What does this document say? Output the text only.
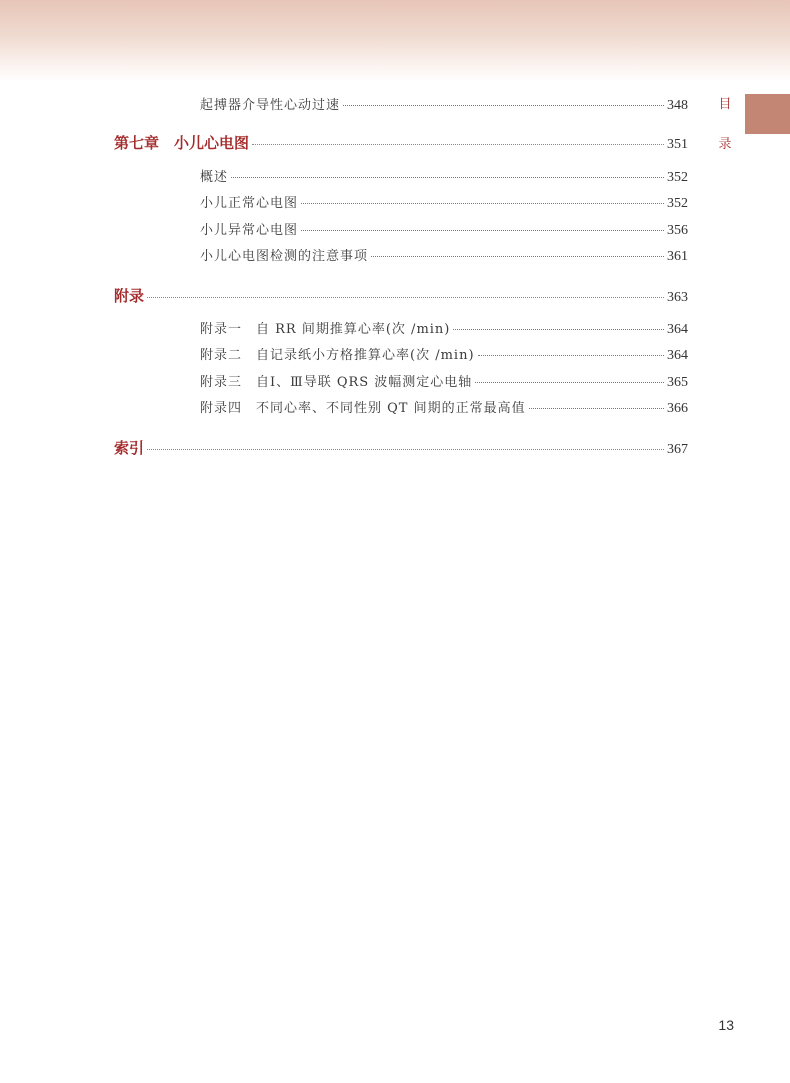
目
录
起搏器介导性心动过速	348
第七章　小儿心电图	351
概述	352
小儿正常心电图	352
小儿异常心电图	356
小儿心电图检测的注意事项	361
附录	363
附录一 自 RR 间期推算心率(次 /min)	364
附录二 自记录纸小方格推算心率(次 /min)	364
附录三 自Ⅰ、Ⅲ导联 QRS 波幅测定心电轴	365
附录四 不同心率、不同性别 QT 间期的正常最高值	366
索引	367
13
